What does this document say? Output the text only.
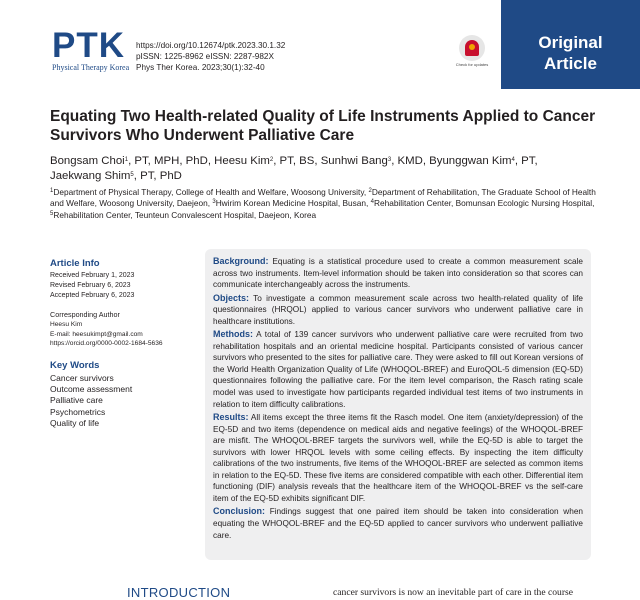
PTK
Physical Therapy Korea
https://doi.org/10.12674/ptk.2023.30.1.32
pISSN: 1225-8962 eISSN: 2287-982X
Phys Ther Korea. 2023;30(1):32-40	Check for updates
Original
Article
Equating Two Health-related Quality of Life Instruments Applied to Cancer Survivors Who Underwent Palliative Care
Bongsam Choi$^1$, PT, MPH, PhD, Heesu Kim$^2$, PT, BS, Sunhwi Bang$^3$, KMD, Byunggwan Kim$^4$, PT,
Jaekwang Shim$^5$, PT, PhD
$^1$Department of Physical Therapy, College of Health and Welfare, Woosong University, $^2$Department of Rehabilitation, The Graduate School of Health and Welfare, Woosong University, Daejeon, $^3$Hwirim Korean Medicine Hospital, Busan, $^4$Rehabilitation Center, Bomunsan Ecologic Nursing Hospital, $^5$Rehabilitation Center, Teunteun Convalescent Hospital, Daejeon, Korea
Article Info
Received February 1, 2023
Revised February 6, 2023
Accepted February 6, 2023
Corresponding Author
Heesu Kim
E-mail: heesukimpt@gmail.com
https://orcid.org/0000-0002-1684-5636
Key Words
Cancer survivors
Outcome assessment
Palliative care
Psychometrics
Quality of life

Background: Equating is a statistical procedure used to create a common measurement scale across two instruments. Item-level information should be taken into consideration so that scores can communicate interchangeably across the instruments.

Objects: To investigate a common measurement scale across two health-related quality of life questionnaires (HRQOL) applied to various cancer survivors who underwent palliative care in healthcare institutions.

Methods: A total of 139 cancer survivors who underwent palliative care were recruited from two rehabilitation hospitals and an oriental medicine hospital. Participants consisted of various cancer survivors who presented to the sites for palliative care. They were asked to fill out Korean versions of the World Health Organization Quality of Life (WHOQOL-BREF) and EuroQOL-5 dimension (EQ-5D) questionnaires following the palliative care. For the item level comparison, the Rasch rating scale model was used to investigate how participants regarded individual test items of two instruments in relation to item difficulty calibrations.

Results: All items except the three items fit the Rasch model. One item (anxiety/depression) of the EQ-5D and two items (dependence on medical aids and negative feelings) of the WHOQOL-BREF are misfit. The WHOQOL-BREF targets the survivors well, while the EQ-5D is able to target the survivors with lower HRQOL levels with some ceiling effects. By inspecting the item difficulty calibrations of the two instruments, five items of the WHOQOL-BREF are selected as common items in relation to the EQ-5D. These five items are considered compatible with each other. Differential item functioning (DIF) analysis reveals that the healthcare item of the WHOQOL-BREF vs the self-care item of the EQ-5D exhibits significant DIF.

Conclusion: Findings suggest that one paired item should be taken into consideration when equating the WHOQOL-BREF and the EQ-5D applied to cancer survivors who underwent palliative care.

INTRODUCTION	cancer survivors is now an inevitable part of care in the course
